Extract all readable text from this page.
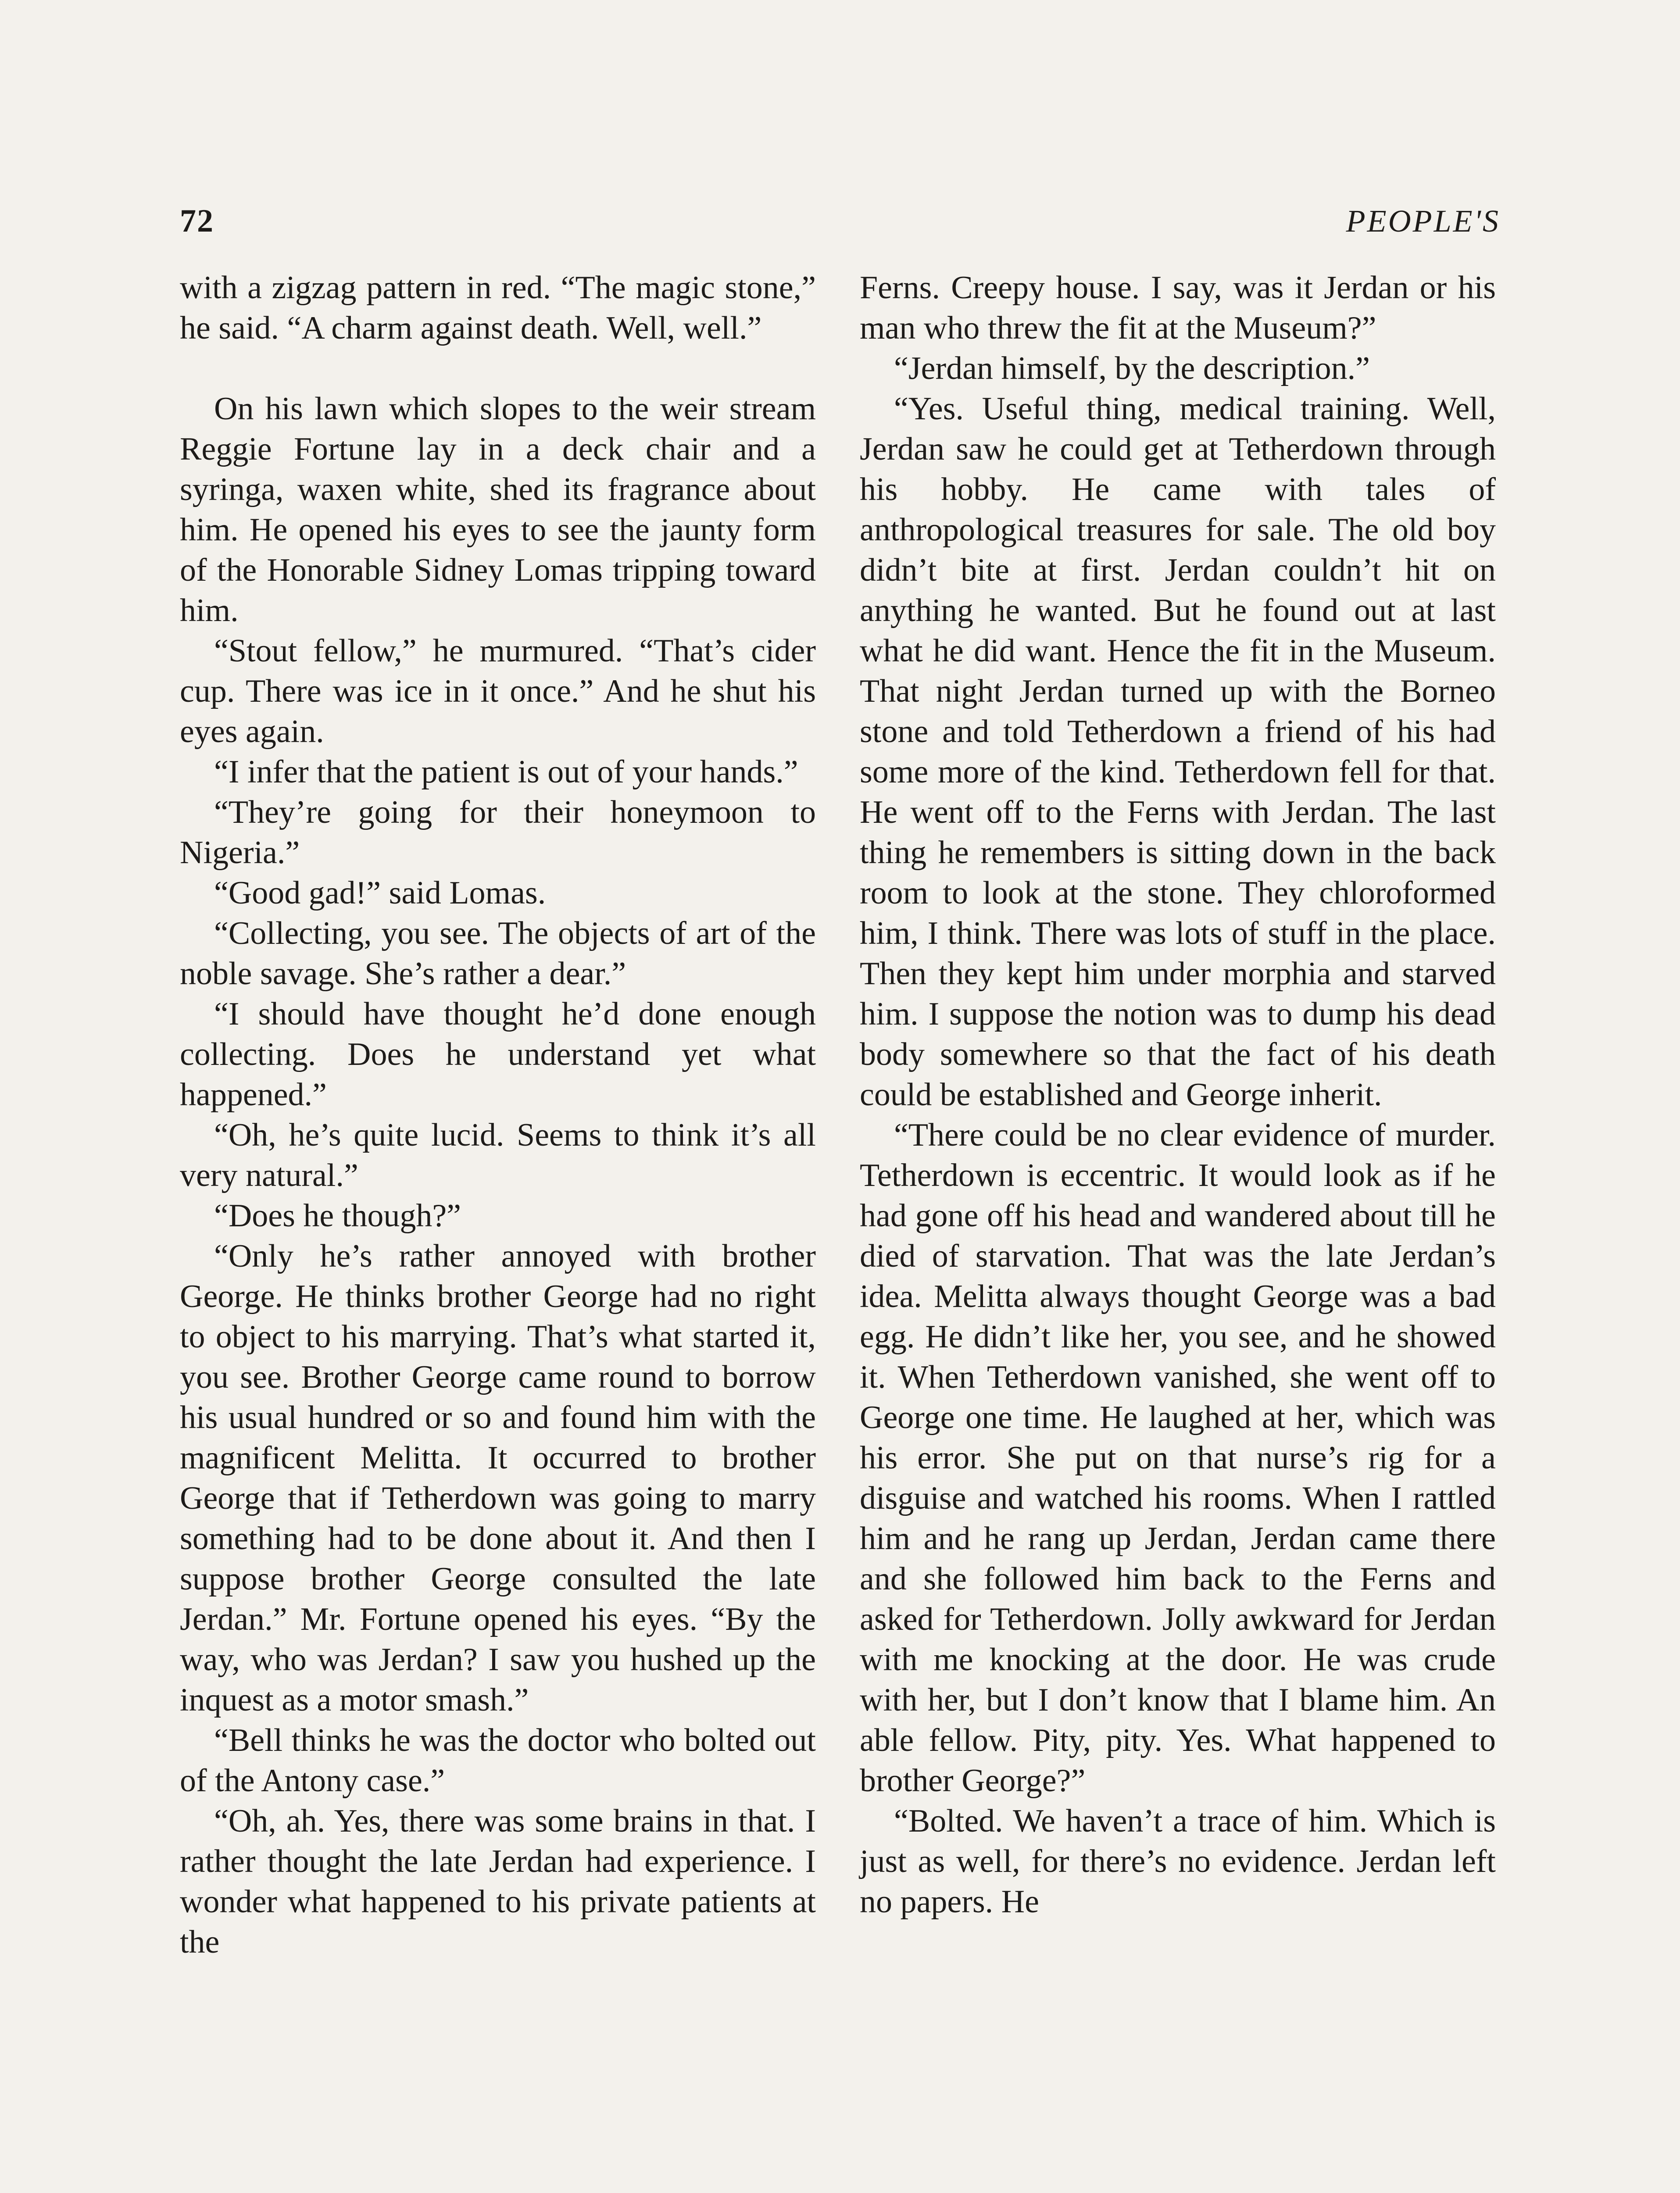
72	PEOPLE'S

with a zigzag pattern in red. “The magic stone,” he said. “A charm against death. Well, well.”

On his lawn which slopes to the weir stream Reggie Fortune lay in a deck chair and a syringa, waxen white, shed its fragrance about him. He opened his eyes to see the jaunty form of the Honorable Sidney Lomas tripping toward him.

“Stout fellow,” he murmured. “That’s cider cup. There was ice in it once.” And he shut his eyes again.

“I infer that the patient is out of your hands.”

“They’re going for their honeymoon to Nigeria.”

“Good gad!” said Lomas.

“Collecting, you see. The objects of art of the noble savage. She’s rather a dear.”

“I should have thought he’d done enough collecting. Does he understand yet what happened.”

“Oh, he’s quite lucid. Seems to think it’s all very natural.”

“Does he though?”

“Only he’s rather annoyed with brother George. He thinks brother George had no right to object to his marrying. That’s what started it, you see. Brother George came round to borrow his usual hundred or so and found him with the magnificent Melitta. It occurred to brother George that if Tetherdown was going to marry something had to be done about it. And then I suppose brother George consulted the late Jerdan.” Mr. Fortune opened his eyes. “By the way, who was Jerdan? I saw you hushed up the inquest as a motor smash.”

“Bell thinks he was the doctor who bolted out of the Antony case.”

“Oh, ah. Yes, there was some brains in that. I rather thought the late Jerdan had experience. I wonder what happened to his private patients at the

Ferns. Creepy house. I say, was it Jerdan or his man who threw the fit at the Museum?”

“Jerdan himself, by the description.”

“Yes. Useful thing, medical training. Well, Jerdan saw he could get at Tetherdown through his hobby. He came with tales of anthropological treasures for sale. The old boy didn’t bite at first. Jerdan couldn’t hit on anything he wanted. But he found out at last what he did want. Hence the fit in the Museum. That night Jerdan turned up with the Borneo stone and told Tetherdown a friend of his had some more of the kind. Tetherdown fell for that. He went off to the Ferns with Jerdan. The last thing he remembers is sitting down in the back room to look at the stone. They chloroformed him, I think. There was lots of stuff in the place. Then they kept him under morphia and starved him. I suppose the notion was to dump his dead body somewhere so that the fact of his death could be established and George inherit.

“There could be no clear evidence of murder. Tetherdown is eccentric. It would look as if he had gone off his head and wandered about till he died of starvation. That was the late Jerdan’s idea. Melitta always thought George was a bad egg. He didn’t like her, you see, and he showed it. When Tetherdown vanished, she went off to George one time. He laughed at her, which was his error. She put on that nurse’s rig for a disguise and watched his rooms. When I rattled him and he rang up Jerdan, Jerdan came there and she followed him back to the Ferns and asked for Tetherdown. Jolly awkward for Jerdan with me knocking at the door. He was crude with her, but I don’t know that I blame him. An able fellow. Pity, pity. Yes. What happened to brother George?”

“Bolted. We haven’t a trace of him. Which is just as well, for there’s no evidence. Jerdan left no papers. He
